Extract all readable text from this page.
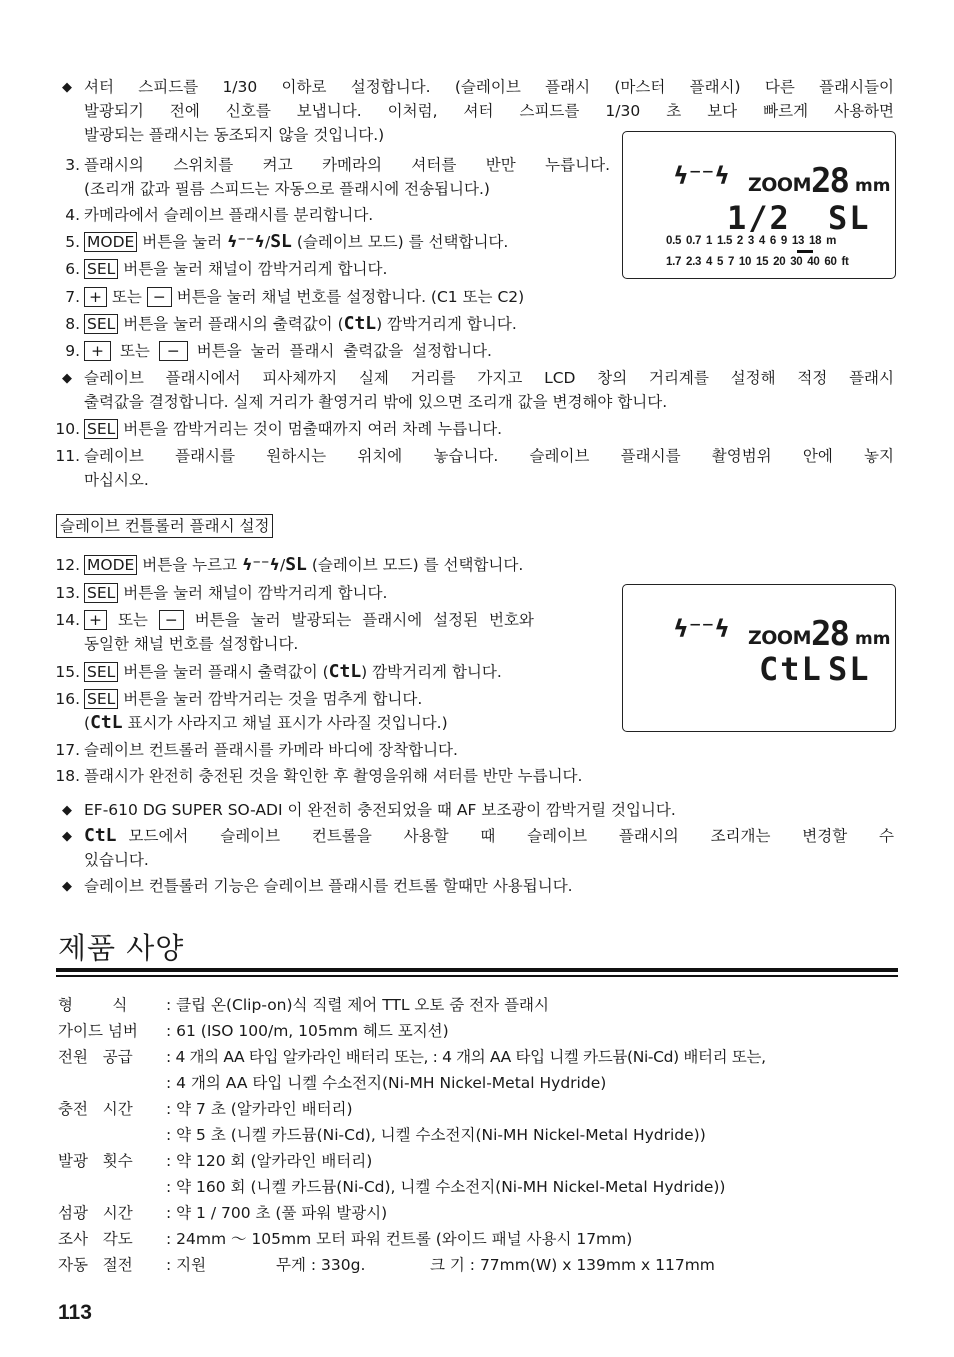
◆ 셔터 스피드를 1/30 이하로 설정합니다. (슬레이브 플래시 (마스터 플래시) 다른 플래시들이
발광되기 전에 신호를 보냅니다. 이처럼, 셔터 스피드를 1/30 초 보다 빠르게 사용하면
발광되는 플래시는 동조되지 않을 것입니다.)
3. 플래시의 스위치를 켜고 카메라의 셔터를 반만 누릅니다.
(조리개 값과 필름 스피드는 자동으로 플래시에 전송됩니다.)
4. 카메라에서 슬레이브 플래시를 분리합니다.
5. MODE 버튼을 눌러 ϟ⁻⁻ϟ/SL (슬레이브 모드) 를 선택합니다.
6. SEL 버튼을 눌러 채널이 깜박거리게 합니다.
7. + 또는 − 버튼을 눌러 채널 번호를 설정합니다. (C1 또는 C2)
8. SEL 버튼을 눌러 플래시의 출력값이 (CtL) 깜박거리게 합니다.
9. + 또는 − 버튼을 눌러 플래시 출력값을 설정합니다.
◆ 슬레이브 플래시에서 피사체까지 실제 거리를 가지고 LCD 창의 거리계를 설정해 적정 플래시
출력값을 결정합니다. 실제 거리가 촬영거리 밖에 있으면 조리개 값을 변경해야 합니다.
10. SEL 버튼을 깜박거리는 것이 멈출때까지 여러 차례 누릅니다.
11. 슬레이브 플래시를 원하시는 위치에 놓습니다. 슬레이브 플래시를 촬영범위 안에 놓지
마십시오.
ϟ⁻⁻ϟ ZOOM 28 mm
1/2 SL
0.5 0.7 1 1.5 2 3 4 6 9 13 18 m
1.7 2.3 4 5 7 10 15 20 30 40 60 ft
슬레이브 컨틀롤러 플래시 설정
12. MODE 버튼을 누르고 ϟ⁻⁻ϟ/SL (슬레이브 모드) 를 선택합니다.
13. SEL 버튼을 눌러 채널이 깜박거리게 합니다.
14. + 또는 − 버튼을 눌러 발광되는 플래시에 설정된 번호와
동일한 채널 번호를 설정합니다.
15. SEL 버튼을 눌러 플래시 출력값이 (CtL) 깜박거리게 합니다.
16. SEL 버튼을 눌러 깜박거리는 것을 멈추게 합니다.
(CtL 표시가 사라지고 채널 표시가 사라질 것입니다.)
17. 슬레이브 컨트롤러 플래시를 카메라 바디에 장착합니다.
18. 플래시가 완전히 충전된 것을 확인한 후 촬영을위해 셔터를 반만 누릅니다.
ϟ⁻⁻ϟ ZOOM 28 mm
CtL SL
◆ EF-610 DG SUPER SO-ADI 이 완전히 충전되었을 때 AF 보조광이 깜박거릴 것입니다.
◆ CtL 모드에서 슬레이브 컨트롤을 사용할 때 슬레이브 플래시의 조리개는 변경할 수
있습니다.
◆ 슬레이브 컨틀롤러 기능은 슬레이브 플래시를 컨트롤 할때만 사용됩니다.
제품 사양
형        식 : 클립 온(Clip-on)식 직렬 제어 TTL 오토 줌 전자 플래시
가이드 넘버 : 61 (ISO 100/m, 105mm 헤드 포지션)
전원   공급 : 4 개의 AA 타입 알카라인 배터리 또는, : 4 개의 AA 타입 니켈 카드뮴(Ni-Cd) 배터리 또는,
: 4 개의 AA 타입 니켈 수소전지(Ni-MH Nickel-Metal Hydride)
충전   시간 : 약 7 초 (알카라인 배터리)
: 약 5 초 (니켈 카드뮴(Ni-Cd), 니켈 수소전지(Ni-MH Nickel-Metal Hydride))
발광   횟수 : 약 120 회 (알카라인 배터리)
: 약 160 회 (니켈 카드뮴(Ni-Cd), 니켈 수소전지(Ni-MH Nickel-Metal Hydride))
섬광   시간 : 약 1 / 700 초 (풀 파워 발광시)
조사   각도 : 24mm ～ 105mm 모터 파워 컨트롤 (와이드 패널 사용시 17mm)
자동   절전 : 지원	무게 : 330g.	크 기 : 77mm(W) x 139mm x 117mm
113
